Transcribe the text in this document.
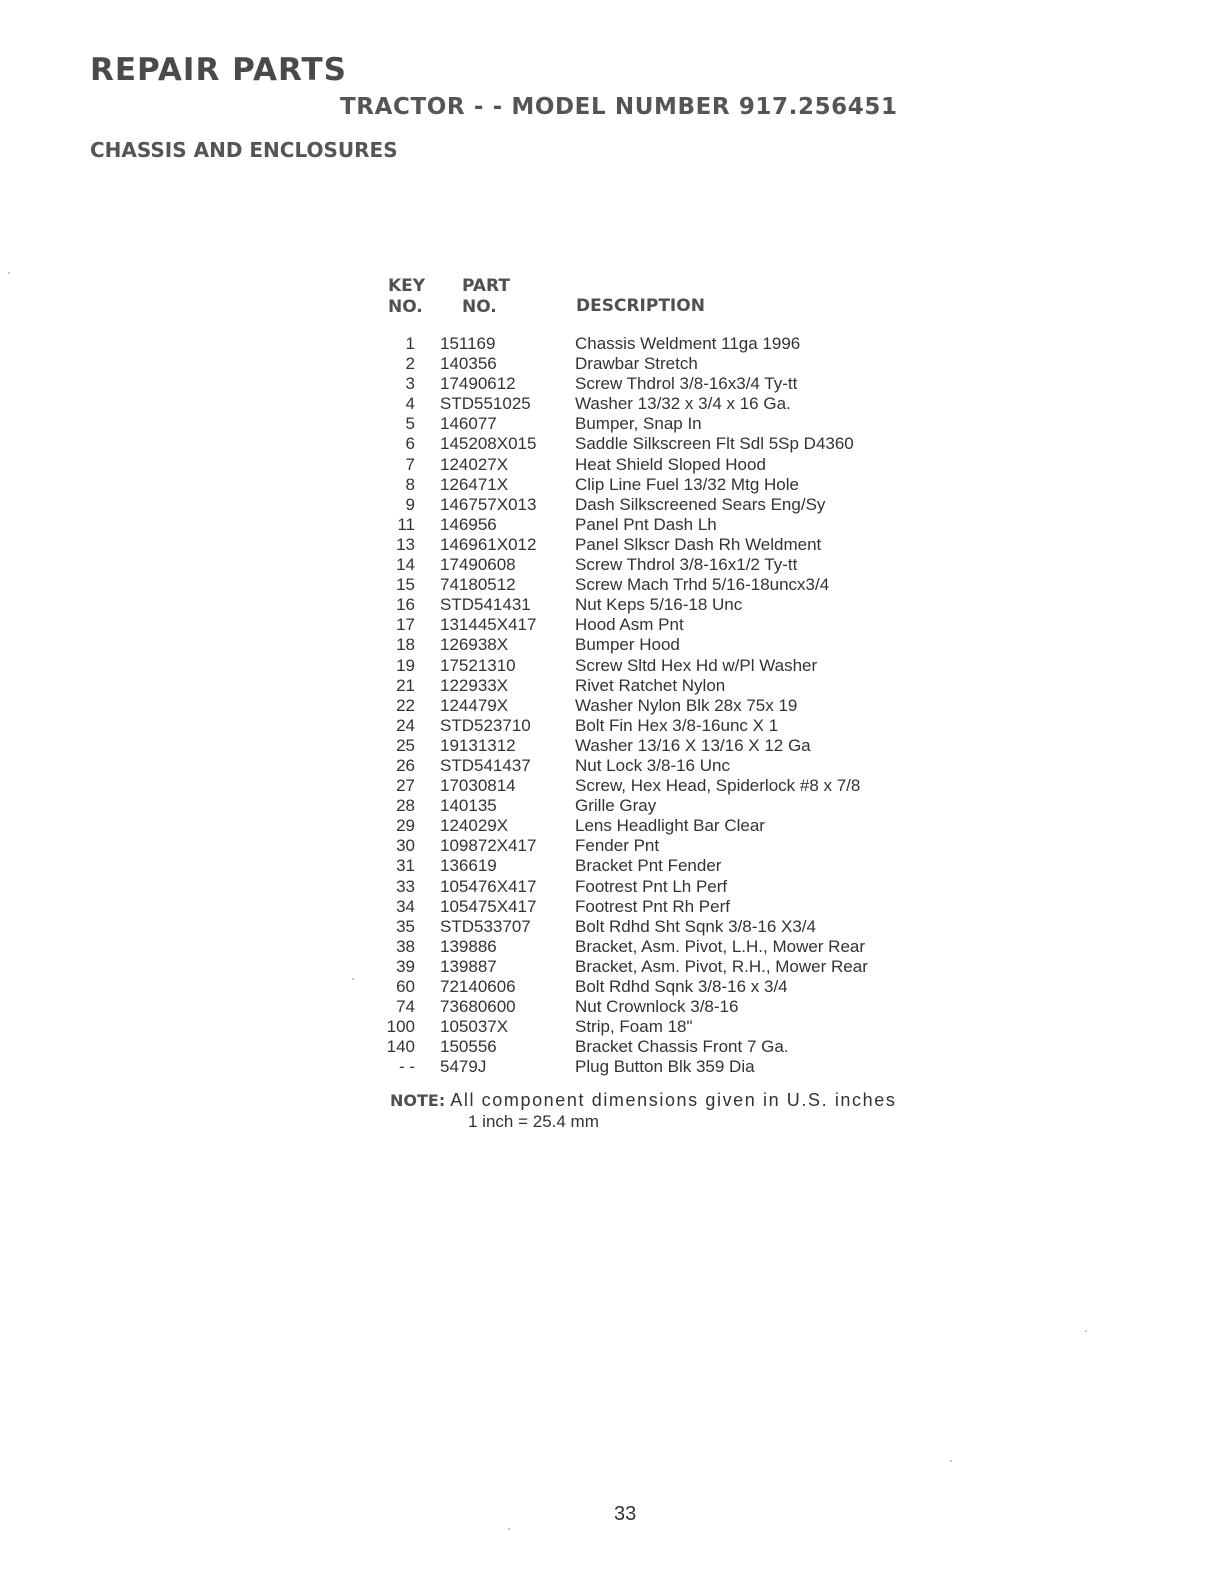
REPAIR PARTS
TRACTOR - - MODEL NUMBER 917.256451
CHASSIS AND ENCLOSURES
KEY
NO.
PART
NO.	DESCRIPTION
1 151169	Chassis Weldment 11ga 1996
2 140356	Drawbar Stretch
3 17490612	Screw Thdrol 3/8-16x3/4 Ty-tt
4 STD551025	Washer 13/32 x 3/4 x 16 Ga.
5 146077	Bumper, Snap In
6 145208X015 Saddle Silkscreen Flt Sdl 5Sp D4360
7 124027X	Heat Shield Sloped Hood
8 126471X	Clip Line Fuel 13/32 Mtg Hole
9 146757X013 Dash Silkscreened Sears Eng/Sy
11 146956	Panel Pnt Dash Lh
13 146961X012 Panel Slkscr Dash Rh Weldment
14 17490608	Screw Thdrol 3/8-16x1/2 Ty-tt
15 74180512	Screw Mach Trhd 5/16-18uncx3/4
16 STD541431	Nut Keps 5/16-18 Unc
17 131445X417 Hood Asm Pnt
18 126938X	Bumper Hood
19 17521310	Screw Sltd Hex Hd w/Pl Washer
21 122933X	Rivet Ratchet Nylon
22 124479X	Washer Nylon Blk 28x 75x 19
24 STD523710	Bolt Fin Hex 3/8-16unc X 1
25 19131312	Washer 13/16 X 13/16 X 12 Ga
26 STD541437	Nut Lock 3/8-16 Unc
27 17030814	Screw, Hex Head, Spiderlock #8 x 7/8
28 140135	Grille Gray
29 124029X	Lens Headlight Bar Clear
30 109872X417 Fender Pnt
31 136619	Bracket Pnt Fender
33 105476X417 Footrest Pnt Lh Perf
34 105475X417 Footrest Pnt Rh Perf
35 STD533707	Bolt Rdhd Sht Sqnk 3/8-16 X3/4
38 139886	Bracket, Asm. Pivot, L.H., Mower Rear
39 139887	Bracket, Asm. Pivot, R.H., Mower Rear
60 72140606	Bolt Rdhd Sqnk 3/8-16 x 3/4
74 73680600	Nut Crownlock 3/8-16
100 105037X	Strip, Foam 18"
140 150556	Bracket Chassis Front 7 Ga.
- - 5479J	Plug Button Blk 359 Dia
NOTE: All component dimensions given in U.S. inches
1 inch = 25.4 mm
33
